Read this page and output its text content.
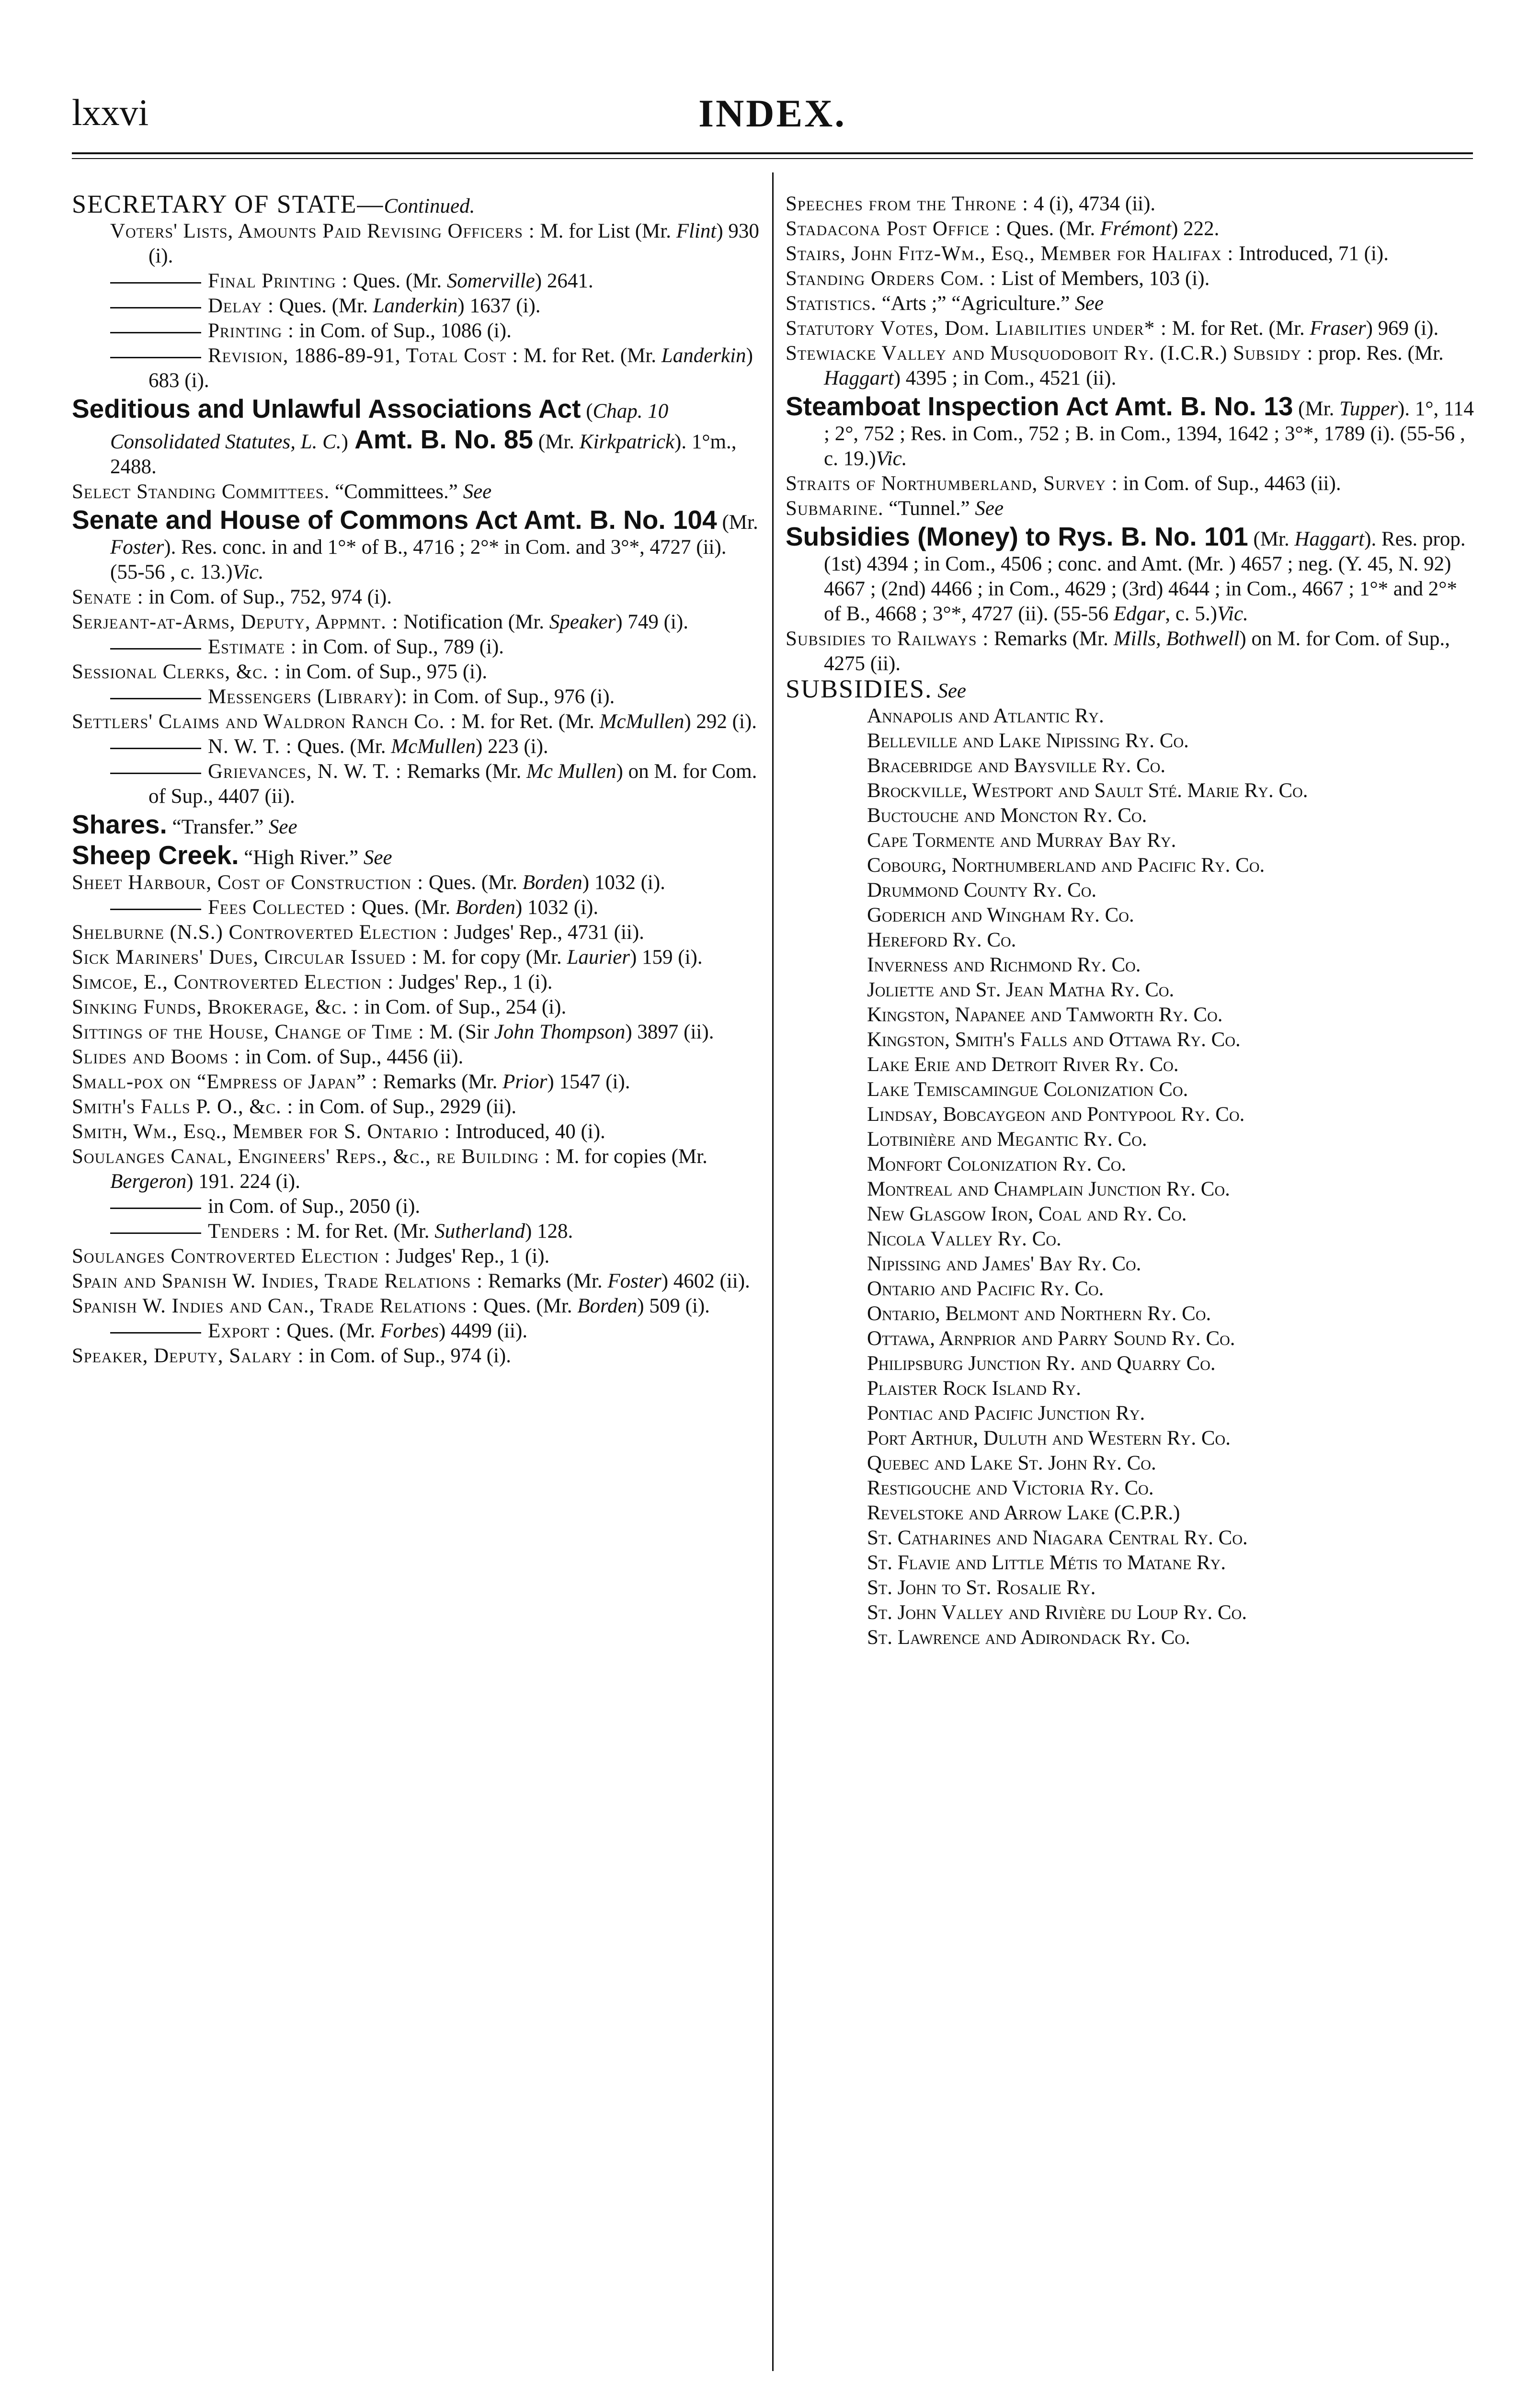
lxxvi	INDEX.

SECRETARY OF STATE—Continued.

Voters' Lists, Amounts Paid Revising Officers : M. for List (Mr. Flint) 930 (i).

Final Printing : Ques. (Mr. Somerville) 2641.

Delay : Ques. (Mr. Landerkin) 1637 (i).

Printing : in Com. of Sup., 1086 (i).

Revision, 1886-89-91, Total Cost : M. for Ret. (Mr. Landerkin) 683 (i).

Seditious and Unlawful Associations Act (Chap. 10 Consolidated Statutes, L. C.) Amt. B. No. 85 (Mr. Kirkpatrick). 1°m., 2488.

Select Standing Committees. “Committees.” See

Senate and House of Commons Act Amt. B. No. 104 (Mr. Foster). Res. conc. in and 1°* of B., 4716 ; 2°* in Com. and 3°*, 4727 (ii). (55-56 , c. 13.)Vic.

Senate : in Com. of Sup., 752, 974 (i).

Serjeant-at-Arms, Deputy, Appmnt. : Notification (Mr. Speaker) 749 (i).

Estimate : in Com. of Sup., 789 (i).

Sessional Clerks, &c. : in Com. of Sup., 975 (i).

Messengers (Library): in Com. of Sup., 976 (i).

Settlers' Claims and Waldron Ranch Co. : M. for Ret. (Mr. McMullen) 292 (i).

N. W. T. : Ques. (Mr. McMullen) 223 (i).

Grievances, N. W. T. : Remarks (Mr. Mc Mullen) on M. for Com. of Sup., 4407 (ii).

Shares. “Transfer.” See

Sheep Creek. “High River.” See

Sheet Harbour, Cost of Construction : Ques. (Mr. Borden) 1032 (i).

Fees Collected : Ques. (Mr. Borden) 1032 (i).

Shelburne (N.S.) Controverted Election : Judges' Rep., 4731 (ii).

Sick Mariners' Dues, Circular Issued : M. for copy (Mr. Laurier) 159 (i).

Simcoe, E., Controverted Election : Judges' Rep., 1 (i).

Sinking Funds, Brokerage, &c. : in Com. of Sup., 254 (i).

Sittings of the House, Change of Time : M. (Sir John Thompson) 3897 (ii).

Slides and Booms : in Com. of Sup., 4456 (ii).

Small-pox on “Empress of Japan” : Remarks (Mr. Prior) 1547 (i).

Smith's Falls P. O., &c. : in Com. of Sup., 2929 (ii).

Smith, Wm., Esq., Member for S. Ontario : Introduced, 40 (i).

Soulanges Canal, Engineers' Reps., &c., re Building : M. for copies (Mr. Bergeron) 191. 224 (i).

in Com. of Sup., 2050 (i).

Tenders : M. for Ret. (Mr. Sutherland) 128.

Soulanges Controverted Election : Judges' Rep., 1 (i).

Spain and Spanish W. Indies, Trade Relations : Remarks (Mr. Foster) 4602 (ii).

Spanish W. Indies and Can., Trade Relations : Ques. (Mr. Borden) 509 (i).

Export : Ques. (Mr. Forbes) 4499 (ii).

Speaker, Deputy, Salary : in Com. of Sup., 974 (i).

Speeches from the Throne : 4 (i), 4734 (ii).

Stadacona Post Office : Ques. (Mr. Frémont) 222.

Stairs, John Fitz-Wm., Esq., Member for Halifax : Introduced, 71 (i).

Standing Orders Com. : List of Members, 103 (i).

Statistics. “Arts ;” “Agriculture.” See

Statutory Votes, Dom. Liabilities under* : M. for Ret. (Mr. Fraser) 969 (i).

Stewiacke Valley and Musquodoboit Ry. (I.C.R.) Subsidy : prop. Res. (Mr. Haggart) 4395 ; in Com., 4521 (ii).

Steamboat Inspection Act Amt. B. No. 13 (Mr. Tupper). 1°, 114 ; 2°, 752 ; Res. in Com., 752 ; B. in Com., 1394, 1642 ; 3°*, 1789 (i). (55-56 , c. 19.)Vic.

Straits of Northumberland, Survey : in Com. of Sup., 4463 (ii).

Submarine. “Tunnel.” See

Subsidies (Money) to Rys. B. No. 101 (Mr. Haggart). Res. prop. (1st) 4394 ; in Com., 4506 ; conc. and Amt. (Mr. ) 4657 ; neg. (Y. 45, N. 92) 4667 ; (2nd) 4466 ; in Com., 4629 ; (3rd) 4644 ; in Com., 4667 ; 1°* and 2°* of B., 4668 ; 3°*, 4727 (ii). (55-56 Edgar, c. 5.)Vic.

Subsidies to Railways : Remarks (Mr. Mills, Bothwell) on M. for Com. of Sup., 4275 (ii).

SUBSIDIES. See

Annapolis and Atlantic Ry.
Belleville and Lake Nipissing Ry. Co.
Bracebridge and Baysville Ry. Co.
Brockville, Westport and Sault Sté. Marie Ry. Co.
Buctouche and Moncton Ry. Co.
Cape Tormente and Murray Bay Ry.
Cobourg, Northumberland and Pacific Ry. Co.
Drummond County Ry. Co.
Goderich and Wingham Ry. Co.
Hereford Ry. Co.
Inverness and Richmond Ry. Co.
Joliette and St. Jean Matha Ry. Co.
Kingston, Napanee and Tamworth Ry. Co.
Kingston, Smith's Falls and Ottawa Ry. Co.
Lake Erie and Detroit River Ry. Co.
Lake Temiscamingue Colonization Co.
Lindsay, Bobcaygeon and Pontypool Ry. Co.
Lotbinière and Megantic Ry. Co.
Monfort Colonization Ry. Co.
Montreal and Champlain Junction Ry. Co.
New Glasgow Iron, Coal and Ry. Co.
Nicola Valley Ry. Co.
Nipissing and James' Bay Ry. Co.
Ontario and Pacific Ry. Co.
Ontario, Belmont and Northern Ry. Co.
Ottawa, Arnprior and Parry Sound Ry. Co.
Philipsburg Junction Ry. and Quarry Co.
Plaister Rock Island Ry.
Pontiac and Pacific Junction Ry.
Port Arthur, Duluth and Western Ry. Co.
Quebec and Lake St. John Ry. Co.
Restigouche and Victoria Ry. Co.
Revelstoke and Arrow Lake (C.P.R.)
St. Catharines and Niagara Central Ry. Co.
St. Flavie and Little Métis to Matane Ry.
St. John to St. Rosalie Ry.
St. John Valley and Rivière du Loup Ry. Co.
St. Lawrence and Adirondack Ry. Co.
